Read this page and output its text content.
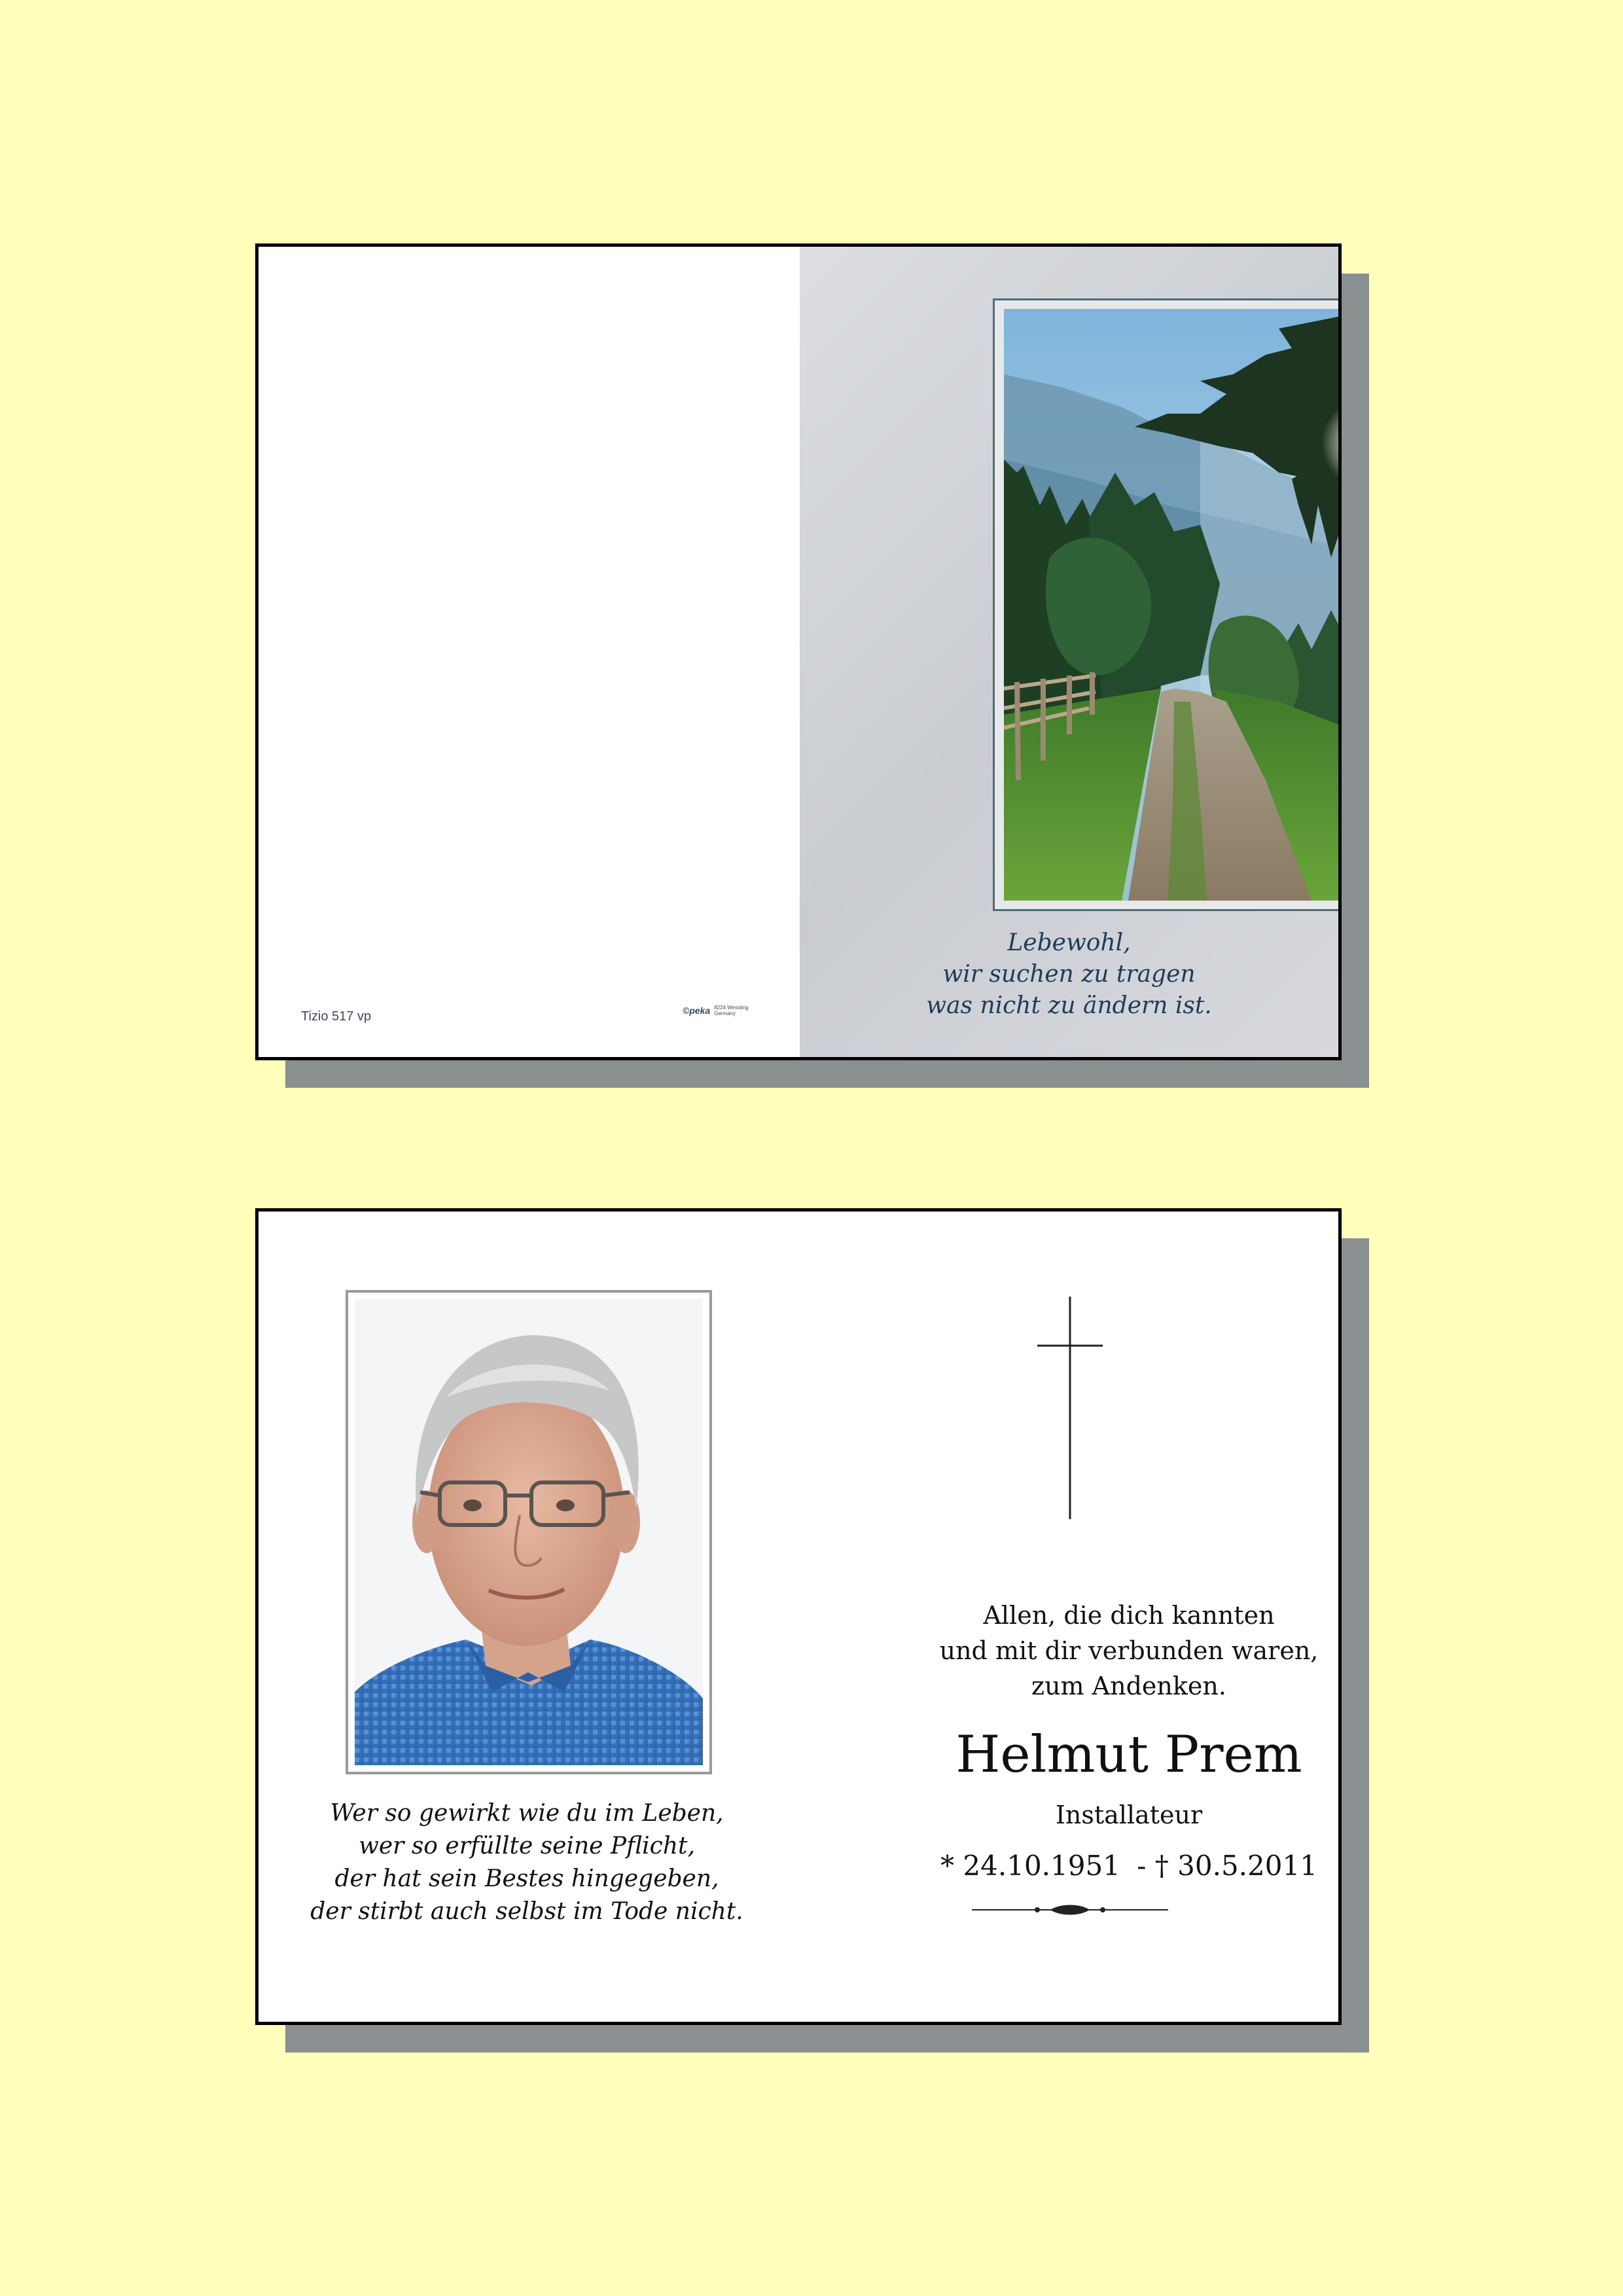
Tizio 517 vp	©peka 8224 Wessling
Germany
Lebewohl,
wir suchen zu tragen
was nicht zu ändern ist.
Wer so gewirkt wie du im Leben,
wer so erfüllte seine Pflicht,
der hat sein Bestes hingegeben,
der stirbt auch selbst im Tode nicht.
Allen, die dich kannten
und mit dir verbunden waren,
zum Andenken.
Helmut Prem
Installateur
* 24.10.1951 - † 30.5.2011
